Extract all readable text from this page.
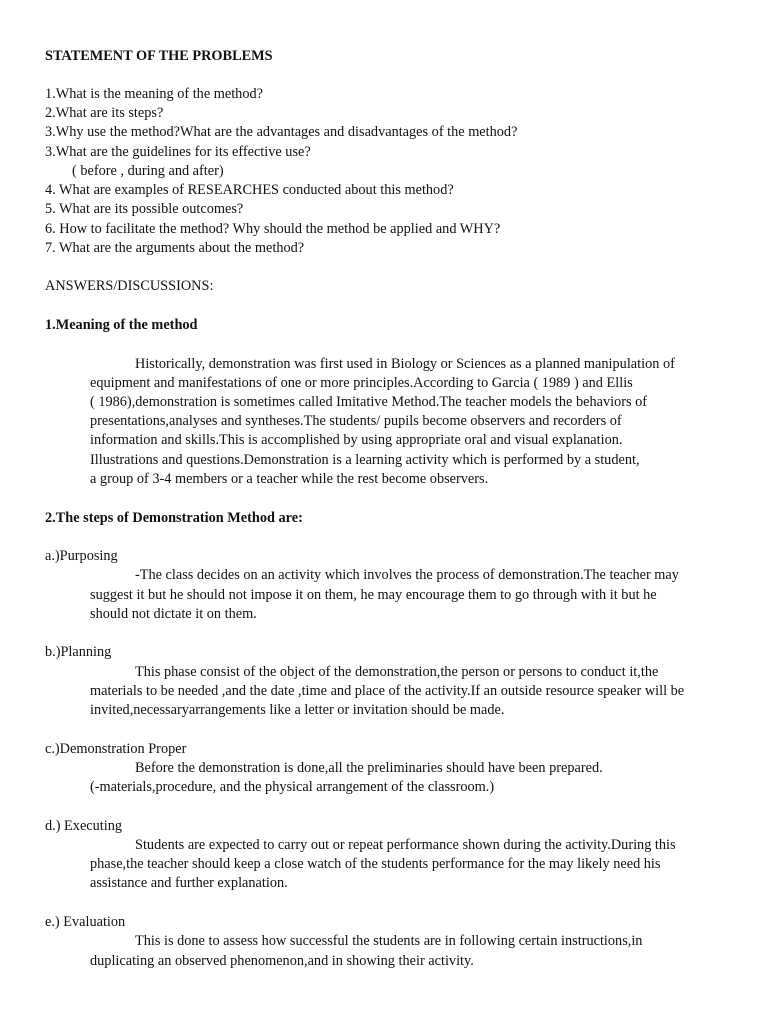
STATEMENT OF THE PROBLEMS
1.What is the meaning of the method?
2.What are its steps?
3.Why use the method?What are the advantages and disadvantages of the method?
3.What are the guidelines for its effective use?
( before , during and after)
4. What are examples of RESEARCHES conducted about this method?
5. What are its possible outcomes?
6. How to facilitate the method? Why should the method be applied and WHY?
7. What are the arguments about the method?
ANSWERS/DISCUSSIONS:
1.Meaning of the method
Historically, demonstration was first used in Biology or Sciences as a planned manipulation of
equipment and manifestations of one or more principles.According to Garcia ( 1989 ) and Ellis
( 1986),demonstration is sometimes called Imitative Method.The teacher models the behaviors of
presentations,analyses and syntheses.The students/ pupils become observers and recorders of
information and skills.This is accomplished by using appropriate oral and visual explanation.
Illustrations and questions.Demonstration is a learning activity which is performed by a student,
a group of 3-4 members or a teacher while the rest become observers.
2.The steps of Demonstration Method are:
a.)Purposing
-The class decides on an activity which involves the process of demonstration.The teacher may
suggest it but he should not impose it on them, he may encourage them to go through with it but he
should not dictate it on them.
b.)Planning
This phase consist of the object of the demonstration,the person or persons to conduct it,the
materials to be needed ,and the date ,time and place of the activity.If an outside resource speaker will be
invited,necessaryarrangements like a letter or invitation should be made.
c.)Demonstration Proper
Before the demonstration is done,all the preliminaries should have been prepared.
(-materials,procedure, and the physical arrangement of the classroom.)
d.) Executing
Students are expected to carry out or repeat performance shown during the activity.During this
phase,the teacher should keep a close watch of the students performance for the may likely need his
assistance and further explanation.
e.) Evaluation
This is done to assess how successful the students are in following certain instructions,in
duplicating an observed phenomenon,and in showing their activity.
